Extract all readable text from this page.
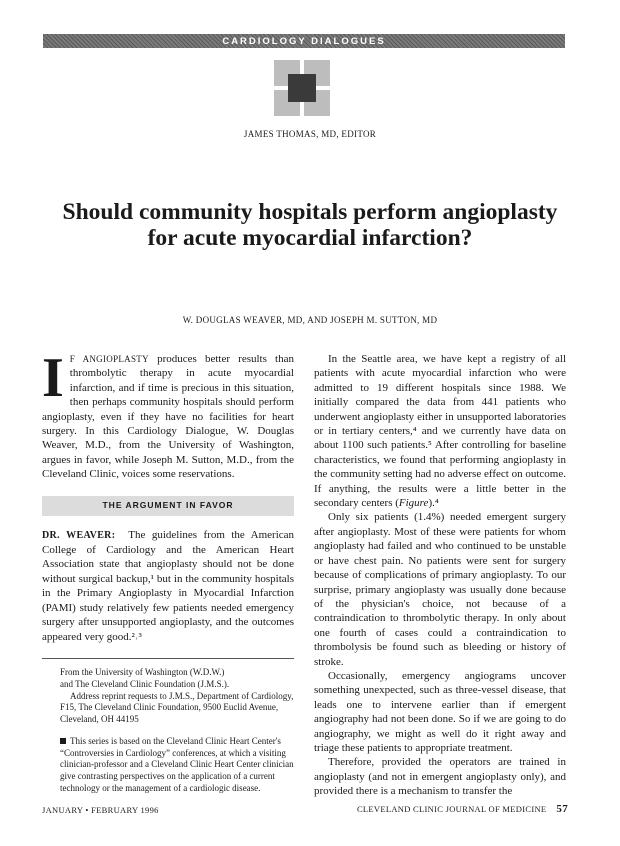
CARDIOLOGY DIALOGUES
JAMES THOMAS, MD, EDITOR
Should community hospitals perform angioplasty for acute myocardial infarction?
W. DOUGLAS WEAVER, MD, AND JOSEPH M. SUTTON, MD

I F ANGIOPLASTY produces better results than thrombolytic therapy in acute myocardial infarction, and if time is precious in this situation, then perhaps community hospitals should perform angioplasty, even if they have no facilities for heart surgery. In this Cardiology Dialogue, W. Douglas Weaver, M.D., from the University of Washington, argues in favor, while Joseph M. Sutton, M.D., from the Cleveland Clinic, voices some reservations.

THE ARGUMENT IN FAVOR

DR. WEAVER: The guidelines from the American College of Cardiology and the American Heart Association state that angioplasty should not be done without surgical backup,¹ but in the community hospitals in the Primary Angioplasty in Myocardial Infarction (PAMI) study relatively few patients needed emergency surgery after unsupported angioplasty, and the outcomes appeared very good.²˒³

From the University of Washington (W.D.W.)
and The Cleveland Clinic Foundation (J.M.S.).
Address reprint requests to J.M.S., Department of Cardiology, F15, The Cleveland Clinic Foundation, 9500 Euclid Avenue, Cleveland, OH 44195
This series is based on the Cleveland Clinic Heart Center's “Controversies in Cardiology” conferences, at which a visiting clinician-professor and a Cleveland Clinic Heart Center clinician give contrasting perspectives on the application of a current technology or the management of a cardiologic disease.

In the Seattle area, we have kept a registry of all patients with acute myocardial infarction who were admitted to 19 different hospitals since 1988. We initially compared the data from 441 patients who underwent angioplasty either in unsupported laboratories or in tertiary centers,⁴ and we currently have data on about 1100 such patients.⁵ After controlling for baseline characteristics, we found that performing angioplasty in the community setting had no adverse effect on outcome. If anything, the results were a little better in the secondary centers (Figure).⁴

Only six patients (1.4%) needed emergent surgery after angioplasty. Most of these were patients for whom angioplasty had failed and who continued to be unstable or have chest pain. No patients were sent for surgery because of complications of primary angioplasty. To our surprise, primary angioplasty was usually done because of the physician's choice, not because of a contraindication to thrombolytic therapy. In only about one fourth of cases could a contraindication to thrombolysis be found such as bleeding or history of stroke.

Occasionally, emergency angiograms uncover something unexpected, such as three-vessel disease, that leads one to intervene earlier than if emergent angiography had not been done. So if we are going to do angiography, we might as well do it right away and triage these patients to appropriate treatment.

Therefore, provided the operators are trained in angioplasty (and not in emergent angioplasty only), and provided there is a mechanism to transfer the

JANUARY • FEBRUARY 1996	CLEVELAND CLINIC JOURNAL OF MEDICINE 57
